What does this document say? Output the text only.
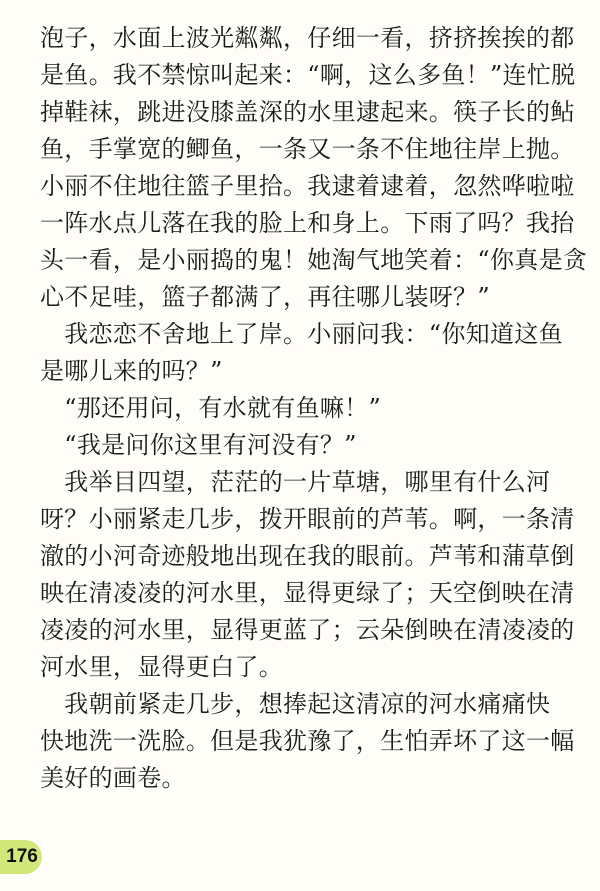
泡子，水面上波光粼粼，仔细一看，挤挤挨挨的都
是鱼。我不禁惊叫起来：“啊，这么多鱼！”连忙脱
掉鞋袜，跳进没膝盖深的水里逮起来。筷子长的鲇
鱼，手掌宽的鲫鱼，一条又一条不住地往岸上抛。
小丽不住地往篮子里拾。我逮着逮着，忽然哗啦啦
一阵水点儿落在我的脸上和身上。下雨了吗？我抬
头一看，是小丽捣的鬼！她淘气地笑着：“你真是贪
心不足哇，篮子都满了，再往哪儿装呀？”
　我恋恋不舍地上了岸。小丽问我：“你知道这鱼
是哪儿来的吗？”
　“那还用问，有水就有鱼嘛！”
　“我是问你这里有河没有？”
　我举目四望，茫茫的一片草塘，哪里有什么河
呀？小丽紧走几步，拨开眼前的芦苇。啊，一条清
澈的小河奇迹般地出现在我的眼前。芦苇和蒲草倒
映在清凌凌的河水里，显得更绿了；天空倒映在清
凌凌的河水里，显得更蓝了；云朵倒映在清凌凌的
河水里，显得更白了。
　我朝前紧走几步，想捧起这清凉的河水痛痛快
快地洗一洗脸。但是我犹豫了，生怕弄坏了这一幅
美好的画卷。
176
